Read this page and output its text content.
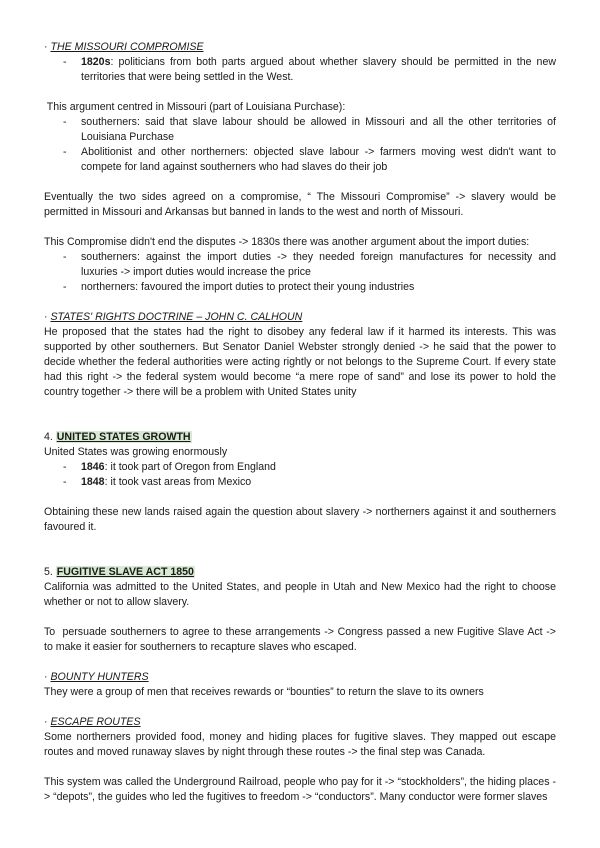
· THE MISSOURI COMPROMISE

-	1820s: politicians from both parts argued about whether slavery should be permitted in the new territories that were being settled in the West.

This argument centred in Missouri (part of Louisiana Purchase):

-	southerners: said that slave labour should be allowed in Missouri and all the other territories of Louisiana Purchase
-	Abolitionist and other northerners: objected slave labour -> farmers moving west didn't want to compete for land against southerners who had slaves do their job

Eventually the two sides agreed on a compromise, “ The Missouri Compromise” -> slavery would be permitted in Missouri and Arkansas but banned in lands to the west and north of Missouri.

This Compromise didn't end the disputes -> 1830s there was another argument about the import duties:

-	southerners: against the import duties -> they needed foreign manufactures for necessity and luxuries -> import duties would increase the price
-	northerners: favoured the import duties to protect their young industries

· STATES' RIGHTS DOCTRINE – JOHN C. CALHOUN

He proposed that the states had the right to disobey any federal law if it harmed its interests. This was supported by other southerners. But Senator Daniel Webster strongly denied -> he said that the power to decide whether the federal authorities were acting rightly or not belongs to the Supreme Court. If every state had this right -> the federal system would become “a mere rope of sand” and lose its power to hold the country together -> there will be a problem with United States unity

4. UNITED STATES GROWTH

United States was growing enormously

-	1846: it took part of Oregon from England
-	1848: it took vast areas from Mexico

Obtaining these new lands raised again the question about slavery -> northerners against it and southerners favoured it.

5. FUGITIVE SLAVE ACT 1850

California was admitted to the United States, and people in Utah and New Mexico had the right to choose whether or not to allow slavery.

To  persuade southerners to agree to these arrangements -> Congress passed a new Fugitive Slave Act ->  to make it easier for southerners to recapture slaves who escaped.

· BOUNTY HUNTERS

They were a group of men that receives rewards or “bounties” to return the slave to its owners

· ESCAPE ROUTES

Some northerners provided food, money and hiding places for fugitive slaves. They mapped out escape routes and moved runaway slaves by night through these routes -> the final step was Canada.

This system was called the Underground Railroad, people who pay for it -> “stockholders”, the hiding places -> “depots”, the guides who led the fugitives to freedom -> “conductors”. Many conductor were former slaves
